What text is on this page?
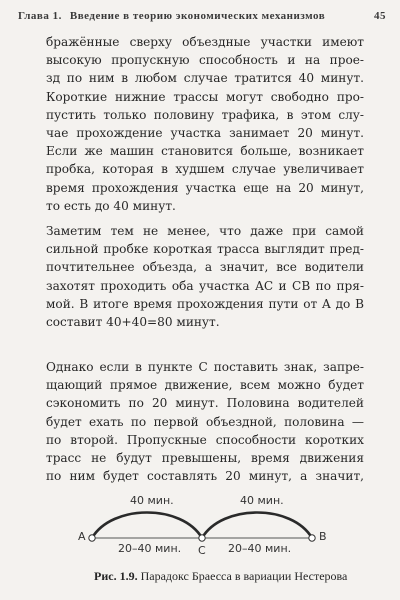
Глава 1. Введение в теорию экономических механизмов	45
бражённые сверху объездные участки имеют
высокую пропускную способность и на прое-
зд по ним в любом случае тратится 40 минут.
Короткие нижние трассы могут свободно про-
пустить только половину трафика, в этом слу-
чае прохождение участка занимает 20 минут.
Если же машин становится больше, возникает
пробка, которая в худшем случае увеличивает
время прохождения участка еще на 20 минут,
то есть до 40 минут.
Заметим тем не менее, что даже при самой
сильной пробке короткая трасса выглядит пред-
почтительнее объезда, а значит, все водители
захотят проходить оба участка AC и CB по пря-
мой. В итоге время прохождения пути от A до B
составит 40+40=80 минут.
Однако если в пункте C поставить знак, запре-
щающий прямое движение, всем можно будет
сэкономить по 20 минут. Половина водителей
будет ехать по первой объездной, половина —
по второй. Пропускные способности коротких
трасс не будут превышены, время движения
по ним будет составлять 20 минут, а значит,
40 мин.	40 мин.
20–40 мин.	20–40 мин.
A
C
B
Рис. 1.9. Парадокс Браесса в вариации Нестерова
